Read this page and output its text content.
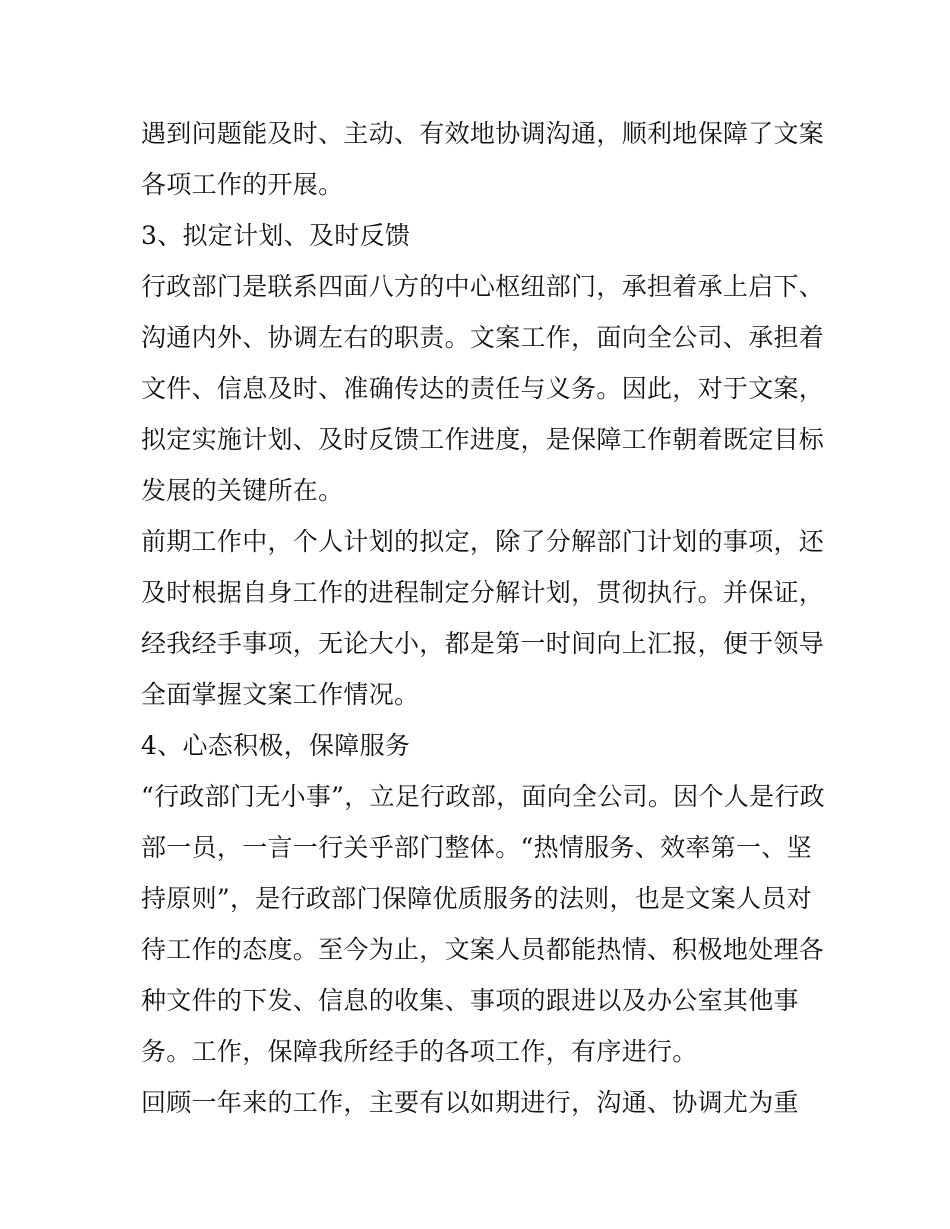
遇到问题能及时、主动、有效地协调沟通，顺利地保障了文案
各项工作的开展。
3、拟定计划、及时反馈
行政部门是联系四面八方的中心枢纽部门，承担着承上启下、
沟通内外、协调左右的职责。文案工作，面向全公司、承担着
文件、信息及时、准确传达的责任与义务。因此，对于文案，
拟定实施计划、及时反馈工作进度，是保障工作朝着既定目标
发展的关键所在。
前期工作中，个人计划的拟定，除了分解部门计划的事项，还
及时根据自身工作的进程制定分解计划，贯彻执行。并保证，
经我经手事项，无论大小，都是第一时间向上汇报，便于领导
全面掌握文案工作情况。
4、心态积极，保障服务
“行政部门无小事”，立足行政部，面向全公司。因个人是行政
部一员，一言一行关乎部门整体。“热情服务、效率第一、坚
持原则”，是行政部门保障优质服务的法则，也是文案人员对
待工作的态度。至今为止，文案人员都能热情、积极地处理各
种文件的下发、信息的收集、事项的跟进以及办公室其他事
务。工作，保障我所经手的各项工作，有序进行。
回顾一年来的工作，主要有以如期进行，沟通、协调尤为重
